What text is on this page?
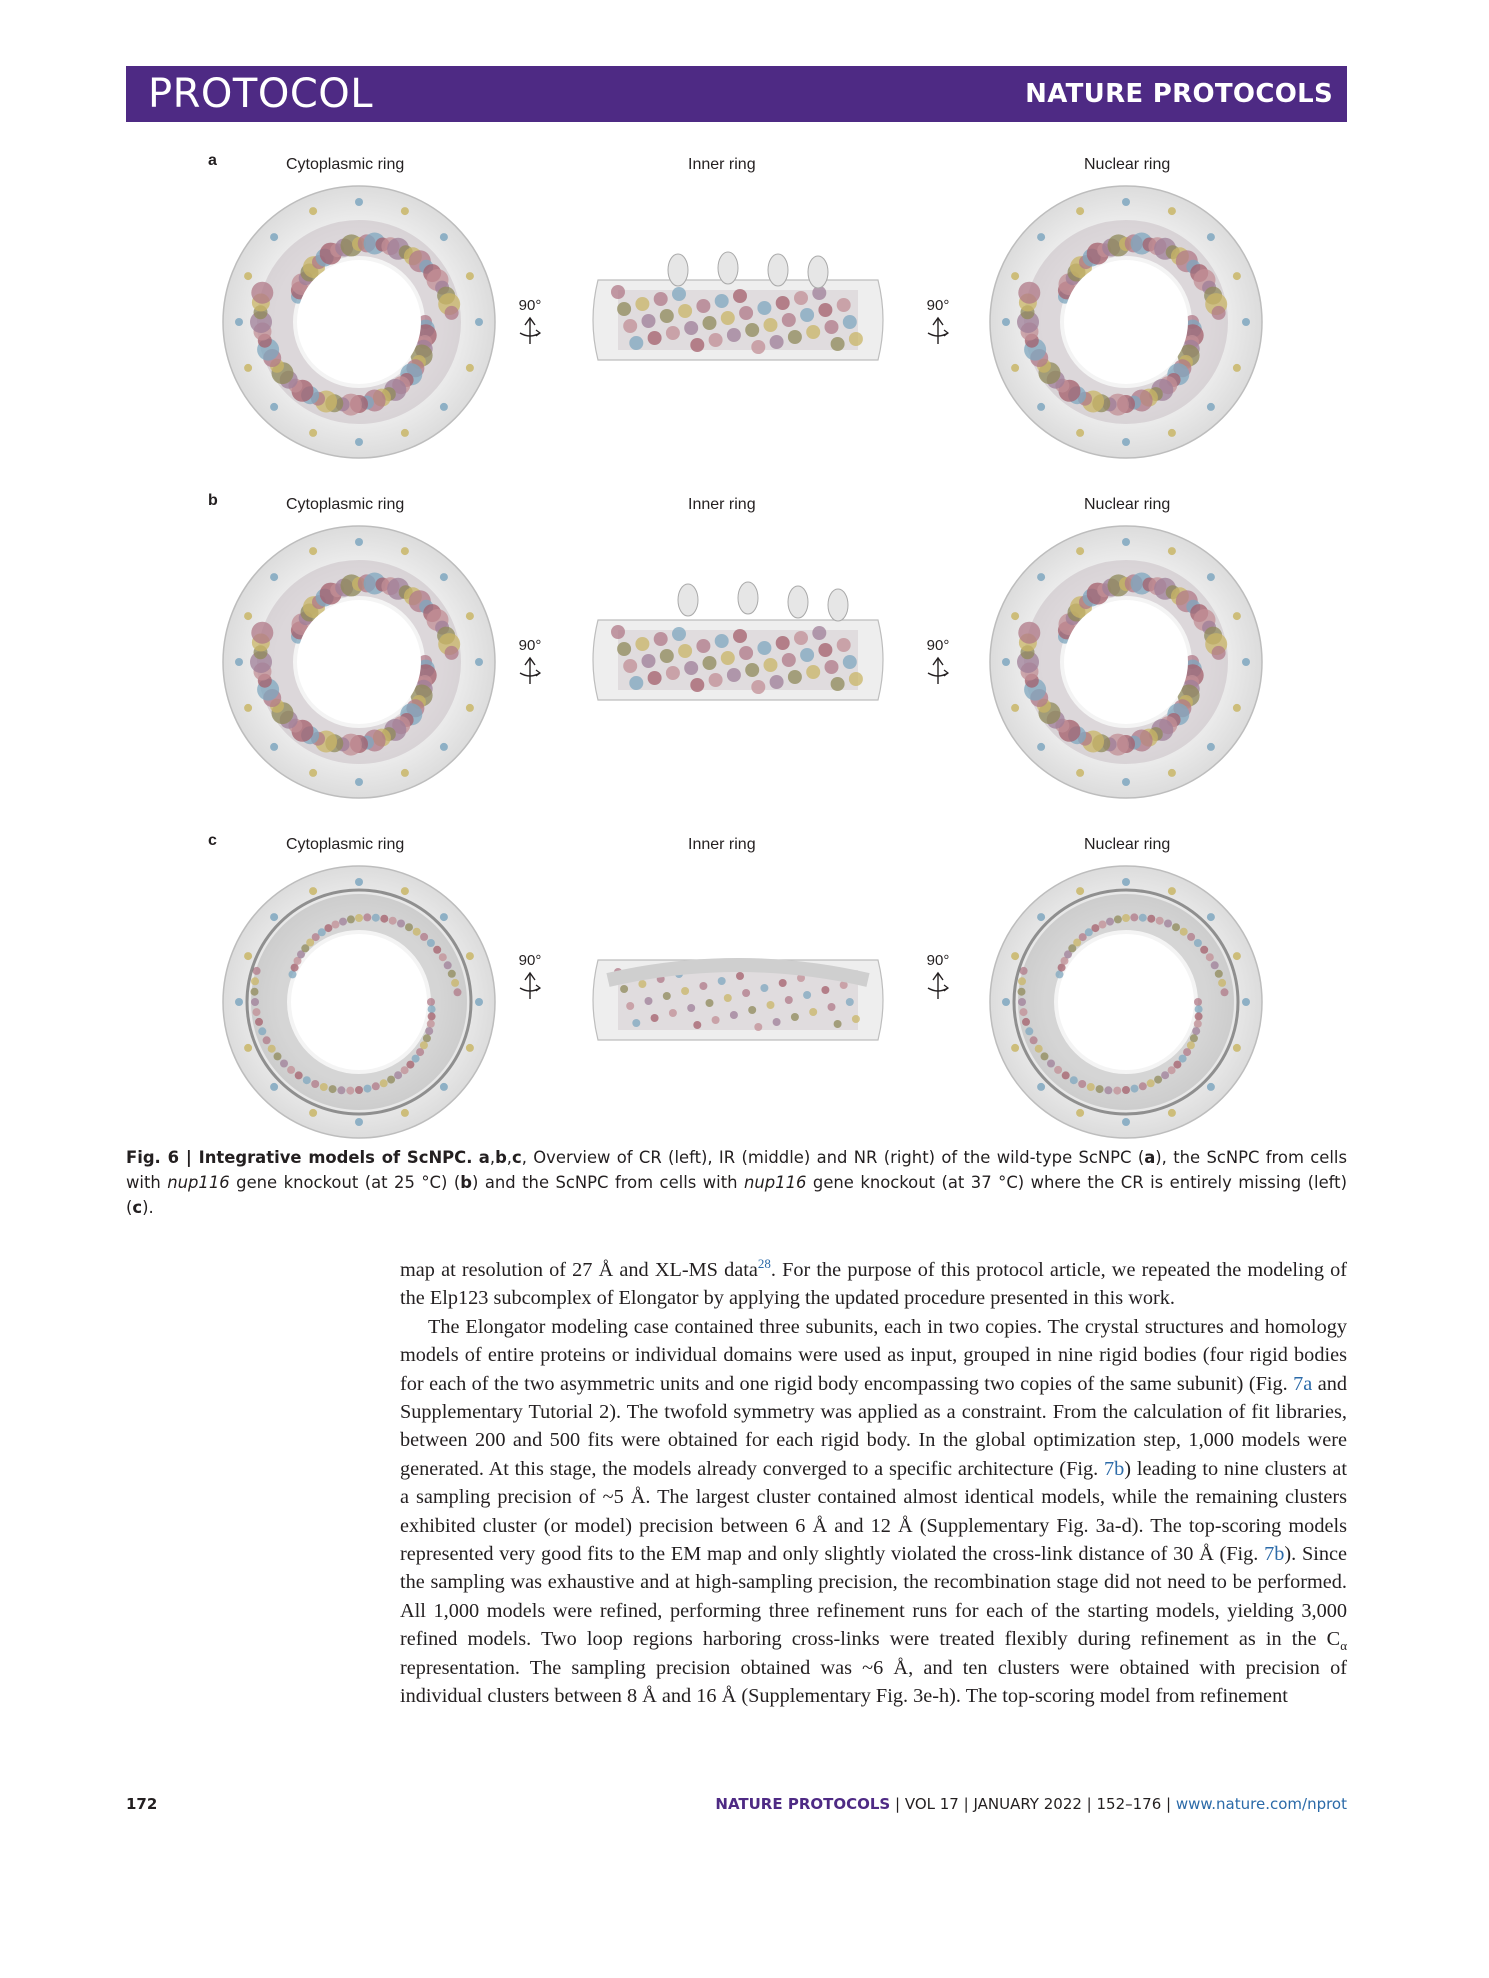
PROTOCOL	NATURE PROTOCOLS
a	Cytoplasmic ring	Inner ring	Nuclear ring
90°	90°
b	Cytoplasmic ring	Inner ring	Nuclear ring
90°	90°
c	Cytoplasmic ring	Inner ring	Nuclear ring
90°	90°
Fig. 6 | Integrative models of ScNPC. a,b,c, Overview of CR (left), IR (middle) and NR (right) of the wild-type ScNPC (a), the ScNPC from cells with nup116 gene knockout (at 25 °C) (b) and the ScNPC from cells with nup116 gene knockout (at 37 °C) where the CR is entirely missing (left) (c).

map at resolution of 27 Å and XL-MS data$^{28}$. For the purpose of this protocol article, we repeated the modeling of the Elp123 subcomplex of Elongator by applying the updated procedure presented in this work.

The Elongator modeling case contained three subunits, each in two copies. The crystal structures and homology models of entire proteins or individual domains were used as input, grouped in nine rigid bodies (four rigid bodies for each of the two asymmetric units and one rigid body encompassing two copies of the same subunit) (Fig. 7a and Supplementary Tutorial 2). The twofold symmetry was applied as a constraint. From the calculation of fit libraries, between 200 and 500 fits were obtained for each rigid body. In the global optimization step, 1,000 models were generated. At this stage, the models already converged to a specific architecture (Fig. 7b) leading to nine clusters at a sampling precision of ~5 Å. The largest cluster contained almost identical models, while the remaining clusters exhibited cluster (or model) precision between 6 Å and 12 Å (Supplementary Fig. 3a-d). The top-scoring models represented very good fits to the EM map and only slightly violated the cross-link distance of 30 Å (Fig. 7b). Since the sampling was exhaustive and at high-sampling precision, the recombination stage did not need to be performed. All 1,000 models were refined, performing three refinement runs for each of the starting models, yielding 3,000 refined models. Two loop regions harboring cross-links were treated flexibly during refinement as in the $C_\alpha$ representation. The sampling precision obtained was ~6 Å, and ten clusters were obtained with precision of individual clusters between 8 Å and 16 Å (Supplementary Fig. 3e-h). The top-scoring model from refinement

172	NATURE PROTOCOLS | VOL 17 | JANUARY 2022 | 152–176 | www.nature.com/nprot
